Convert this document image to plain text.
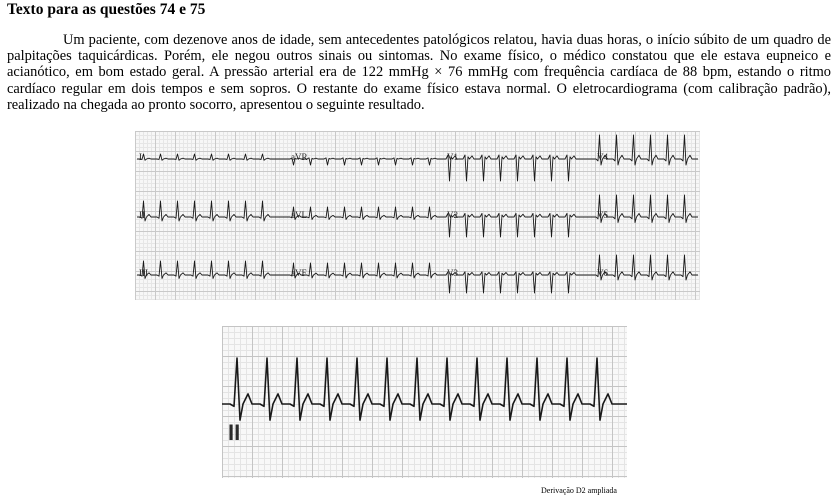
Texto para as questões 74 e 75

Um paciente, com dezenove anos de idade, sem antecedentes patológicos relatou, havia duas horas, o início súbito de um quadro de palpitações taquicárdicas. Porém, ele negou outros sinais ou sintomas. No exame físico, o médico constatou que ele estava eupneico e acianótico, em bom estado geral. A pressão arterial era de 122 mmHg × 76 mmHg com frequência cardíaca de 88 bpm, estando o ritmo cardíaco regular em dois tempos e sem sopros. O restante do exame físico estava normal. O eletrocardiograma (com calibração padrão), realizado na chegada ao pronto socorro, apresentou o seguinte resultado.

I	aVR	V1	V4
II	aVL	V2	V5
III	aVF	V3	V6
II

Derivação D2 ampliada
